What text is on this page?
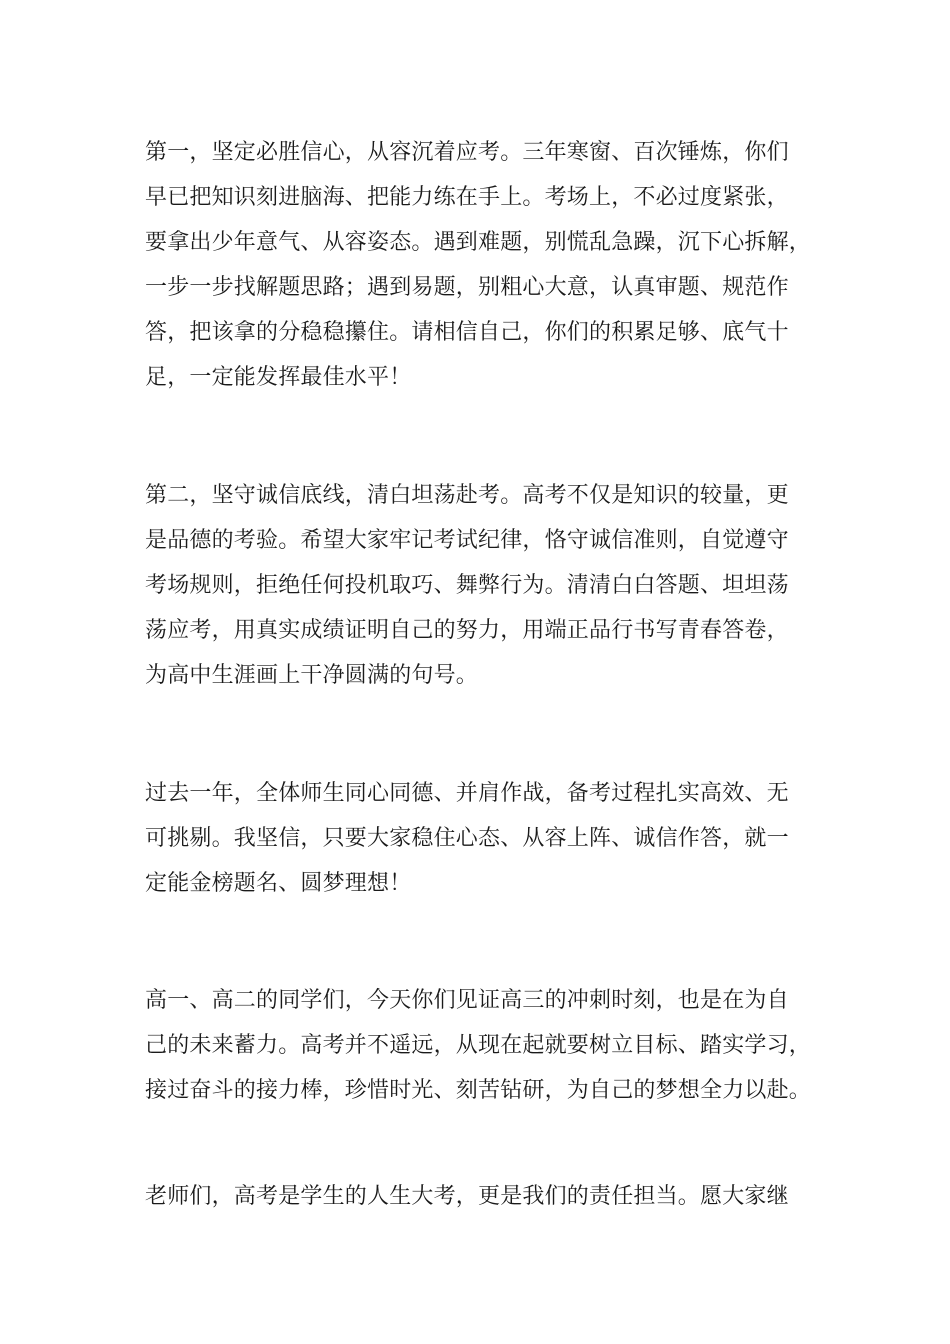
第一，坚定必胜信心，从容沉着应考。三年寒窗、百次锤炼，你们
早已把知识刻进脑海、把能力练在手上。考场上，不必过度紧张，
要拿出少年意气、从容姿态。遇到难题，别慌乱急躁，沉下心拆解，
一步一步找解题思路；遇到易题，别粗心大意，认真审题、规范作
答，把该拿的分稳稳攥住。请相信自己，你们的积累足够、底气十
足，一定能发挥最佳水平！
第二，坚守诚信底线，清白坦荡赴考。高考不仅是知识的较量，更
是品德的考验。希望大家牢记考试纪律，恪守诚信准则，自觉遵守
考场规则，拒绝任何投机取巧、舞弊行为。清清白白答题、坦坦荡
荡应考，用真实成绩证明自己的努力，用端正品行书写青春答卷，
为高中生涯画上干净圆满的句号。
过去一年，全体师生同心同德、并肩作战，备考过程扎实高效、无
可挑剔。我坚信，只要大家稳住心态、从容上阵、诚信作答，就一
定能金榜题名、圆梦理想！
高一、高二的同学们，今天你们见证高三的冲刺时刻，也是在为自
己的未来蓄力。高考并不遥远，从现在起就要树立目标、踏实学习，
接过奋斗的接力棒，珍惜时光、刻苦钻研，为自己的梦想全力以赴。
老师们，高考是学生的人生大考，更是我们的责任担当。愿大家继
